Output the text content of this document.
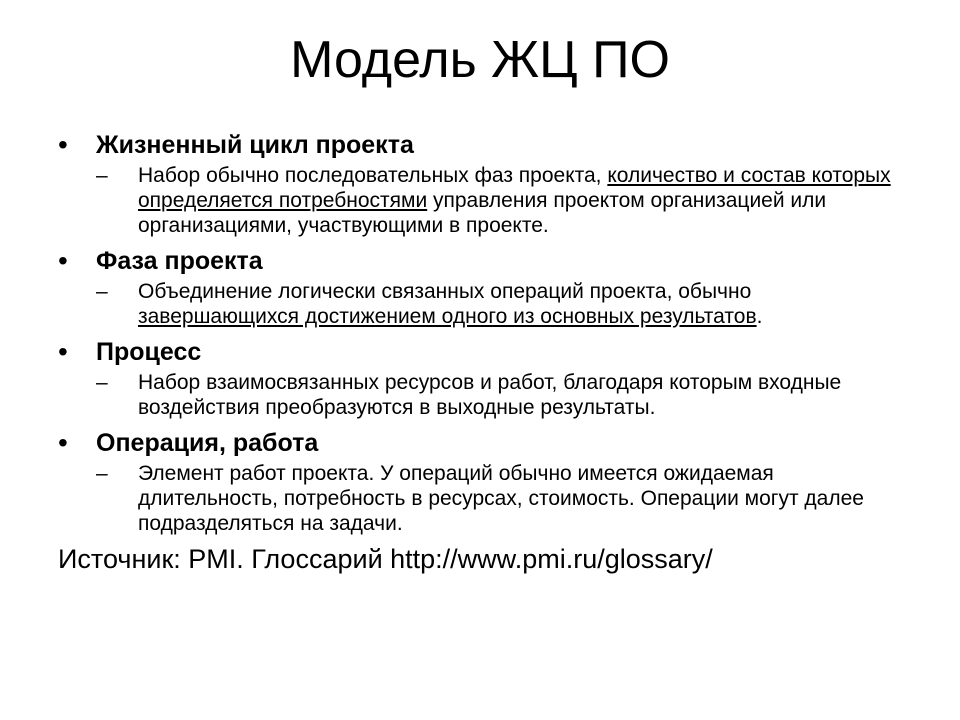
Модель ЖЦ ПО
• Жизненный цикл проекта
– Набор обычно последовательных фаз проекта, количество и состав которых определяется потребностями управления проектом организацией или организациями, участвующими в проекте.
• Фаза проекта
– Объединение логически связанных операций проекта, обычно завершающихся достижением одного из основных результатов.
• Процесс
– Набор взаимосвязанных ресурсов и работ, благодаря которым входные воздействия преобразуются в выходные результаты.
• Операция, работа
– Элемент работ проекта. У операций обычно имеется ожидаемая длительность, потребность в ресурсах, стоимость. Операции могут далее подразделяться на задачи.
Источник: PMI. Глоссарий http://www.pmi.ru/glossary/
